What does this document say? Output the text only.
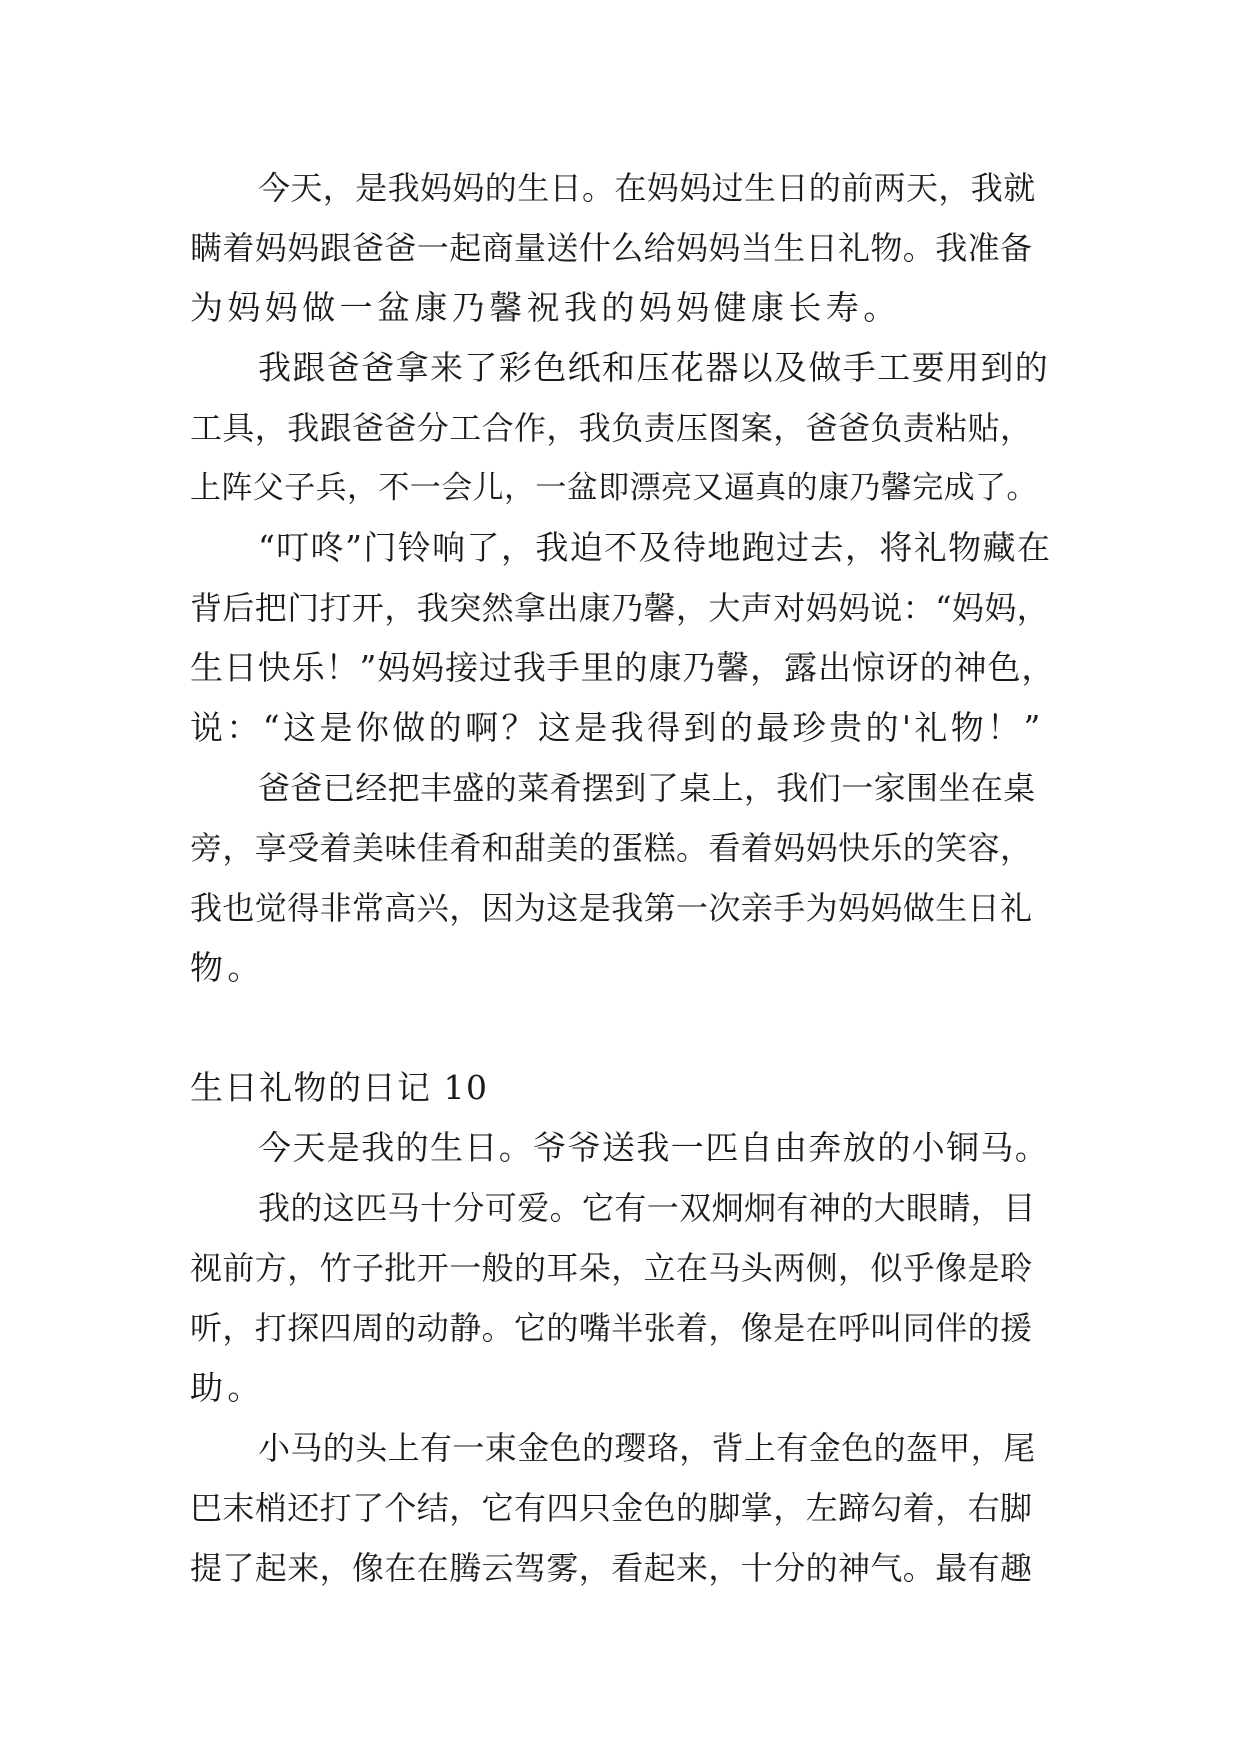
今天，是我妈妈的生日。在妈妈过生日的前两天，我就
瞒着妈妈跟爸爸一起商量送什么给妈妈当生日礼物。我准备
为妈妈做一盆康乃馨祝我的妈妈健康长寿。
我跟爸爸拿来了彩色纸和压花器以及做手工要用到的
工具，我跟爸爸分工合作，我负责压图案，爸爸负责粘贴，
上阵父子兵，不一会儿，一盆即漂亮又逼真的康乃馨完成了。
“叮咚”门铃响了，我迫不及待地跑过去，将礼物藏在
背后把门打开，我突然拿出康乃馨，大声对妈妈说：“妈妈，
生日快乐！”妈妈接过我手里的康乃馨，露出惊讶的神色，
说：“这是你做的啊？这是我得到的最珍贵的'礼物！”
爸爸已经把丰盛的菜肴摆到了桌上，我们一家围坐在桌
旁，享受着美味佳肴和甜美的蛋糕。看着妈妈快乐的笑容，
我也觉得非常高兴，因为这是我第一次亲手为妈妈做生日礼
物。
生日礼物的日记 10
今天是我的生日。爷爷送我一匹自由奔放的小铜马。
我的这匹马十分可爱。它有一双炯炯有神的大眼睛，目
视前方，竹子批开一般的耳朵，立在马头两侧，似乎像是聆
听，打探四周的动静。它的嘴半张着，像是在呼叫同伴的援
助。
小马的头上有一束金色的璎珞，背上有金色的盔甲，尾
巴末梢还打了个结，它有四只金色的脚掌，左蹄勾着，右脚
提了起来，像在在腾云驾雾，看起来，十分的神气。最有趣
